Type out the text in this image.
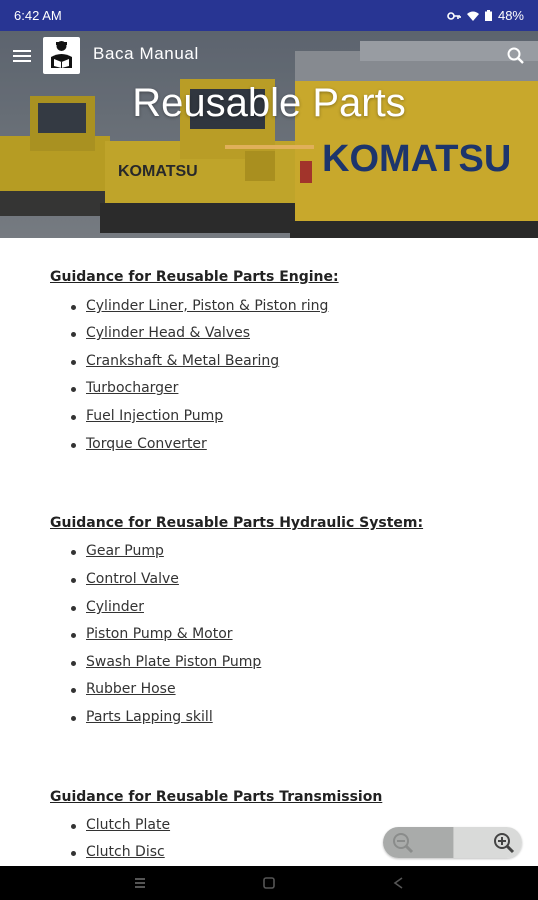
6:42 AM	48%
KOMATSU	KOMATSU
Baca Manual
Reusable Parts
Guidance for Reusable Parts Engine:
Cylinder Liner, Piston & Piston ring
Cylinder Head & Valves
Crankshaft & Metal Bearing
Turbocharger
Fuel Injection Pump
Torque Converter
Guidance for Reusable Parts Hydraulic System:
Gear Pump
Control Valve
Cylinder
Piston Pump & Motor
Swash Plate Piston Pump
Rubber Hose
Parts Lapping skill
Guidance for Reusable Parts Transmission
Clutch Plate
Clutch Disc
